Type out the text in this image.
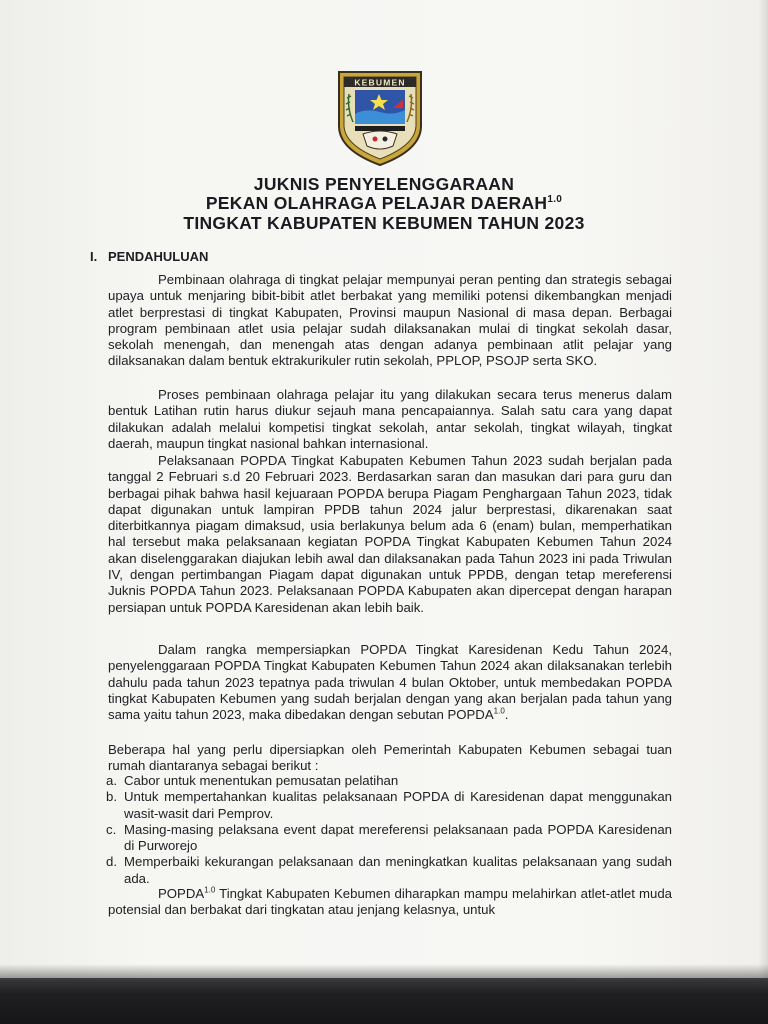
KEBUMEN
JUKNIS PENYELENGGARAAN
PEKAN OLAHRAGA PELAJAR $DAERAH^{1.0}$
TINGKAT KABUPATEN KEBUMEN TAHUN 2023
I. PENDAHULUAN

Pembinaan olahraga di tingkat pelajar mempunyai peran penting dan strategis sebagai upaya untuk menjaring bibit-bibit atlet berbakat yang memiliki potensi dikembangkan menjadi atlet berprestasi di tingkat Kabupaten, Provinsi maupun Nasional di masa depan. Berbagai program pembinaan atlet usia pelajar sudah dilaksanakan mulai di tingkat sekolah dasar, sekolah menengah, dan menengah atas dengan adanya pembinaan atlit pelajar yang dilaksanakan dalam bentuk ektrakurikuler rutin sekolah, PPLOP, PSOJP serta SKO.

Proses pembinaan olahraga pelajar itu yang dilakukan secara terus menerus dalam bentuk Latihan rutin harus diukur sejauh mana pencapaiannya. Salah satu cara yang dapat dilakukan adalah melalui kompetisi tingkat sekolah, antar sekolah, tingkat wilayah, tingkat daerah, maupun tingkat nasional bahkan internasional.

Pelaksanaan POPDA Tingkat Kabupaten Kebumen Tahun 2023 sudah berjalan pada tanggal 2 Februari s.d 20 Februari 2023. Berdasarkan saran dan masukan dari para guru dan berbagai pihak bahwa hasil kejuaraan POPDA berupa Piagam Penghargaan Tahun 2023, tidak dapat digunakan untuk lampiran PPDB tahun 2024 jalur berprestasi, dikarenakan saat diterbitkannya piagam dimaksud, usia berlakunya belum ada 6 (enam) bulan, memperhatikan hal tersebut maka pelaksanaan kegiatan POPDA Tingkat Kabupaten Kebumen Tahun 2024 akan diselenggarakan diajukan lebih awal dan dilaksanakan pada Tahun 2023 ini pada Triwulan IV, dengan pertimbangan Piagam dapat digunakan untuk PPDB, dengan tetap mereferensi Juknis POPDA Tahun 2023. Pelaksanaan POPDA Kabupaten akan dipercepat dengan harapan persiapan untuk POPDA Karesidenan akan lebih baik.

Dalam rangka mempersiapkan POPDA Tingkat Karesidenan Kedu Tahun 2024, penyelenggaraan POPDA Tingkat Kabupaten Kebumen Tahun 2024 akan dilaksanakan terlebih dahulu pada tahun 2023 tepatnya pada triwulan 4 bulan Oktober, untuk membedakan POPDA tingkat Kabupaten Kebumen yang sudah berjalan dengan yang akan berjalan pada tahun yang sama yaitu tahun 2023, maka dibedakan dengan sebutan $POPDA^{1.0}$.

Beberapa hal yang perlu dipersiapkan oleh Pemerintah Kabupaten Kebumen sebagai tuan rumah diantaranya sebagai berikut :

a. Cabor untuk menentukan pemusatan pelatihan
b. Untuk mempertahankan kualitas pelaksanaan POPDA di Karesidenan dapat menggunakan wasit-wasit dari Pemprov.
c. Masing-masing pelaksana event dapat mereferensi pelaksanaan pada POPDA Karesidenan di Purworejo
d. Memperbaiki kekurangan pelaksanaan dan meningkatkan kualitas pelaksanaan yang sudah ada.

$POPDA^{1.0}$ Tingkat Kabupaten Kebumen diharapkan mampu melahirkan atlet-atlet muda potensial dan berbakat dari tingkatan atau jenjang kelasnya, untuk
